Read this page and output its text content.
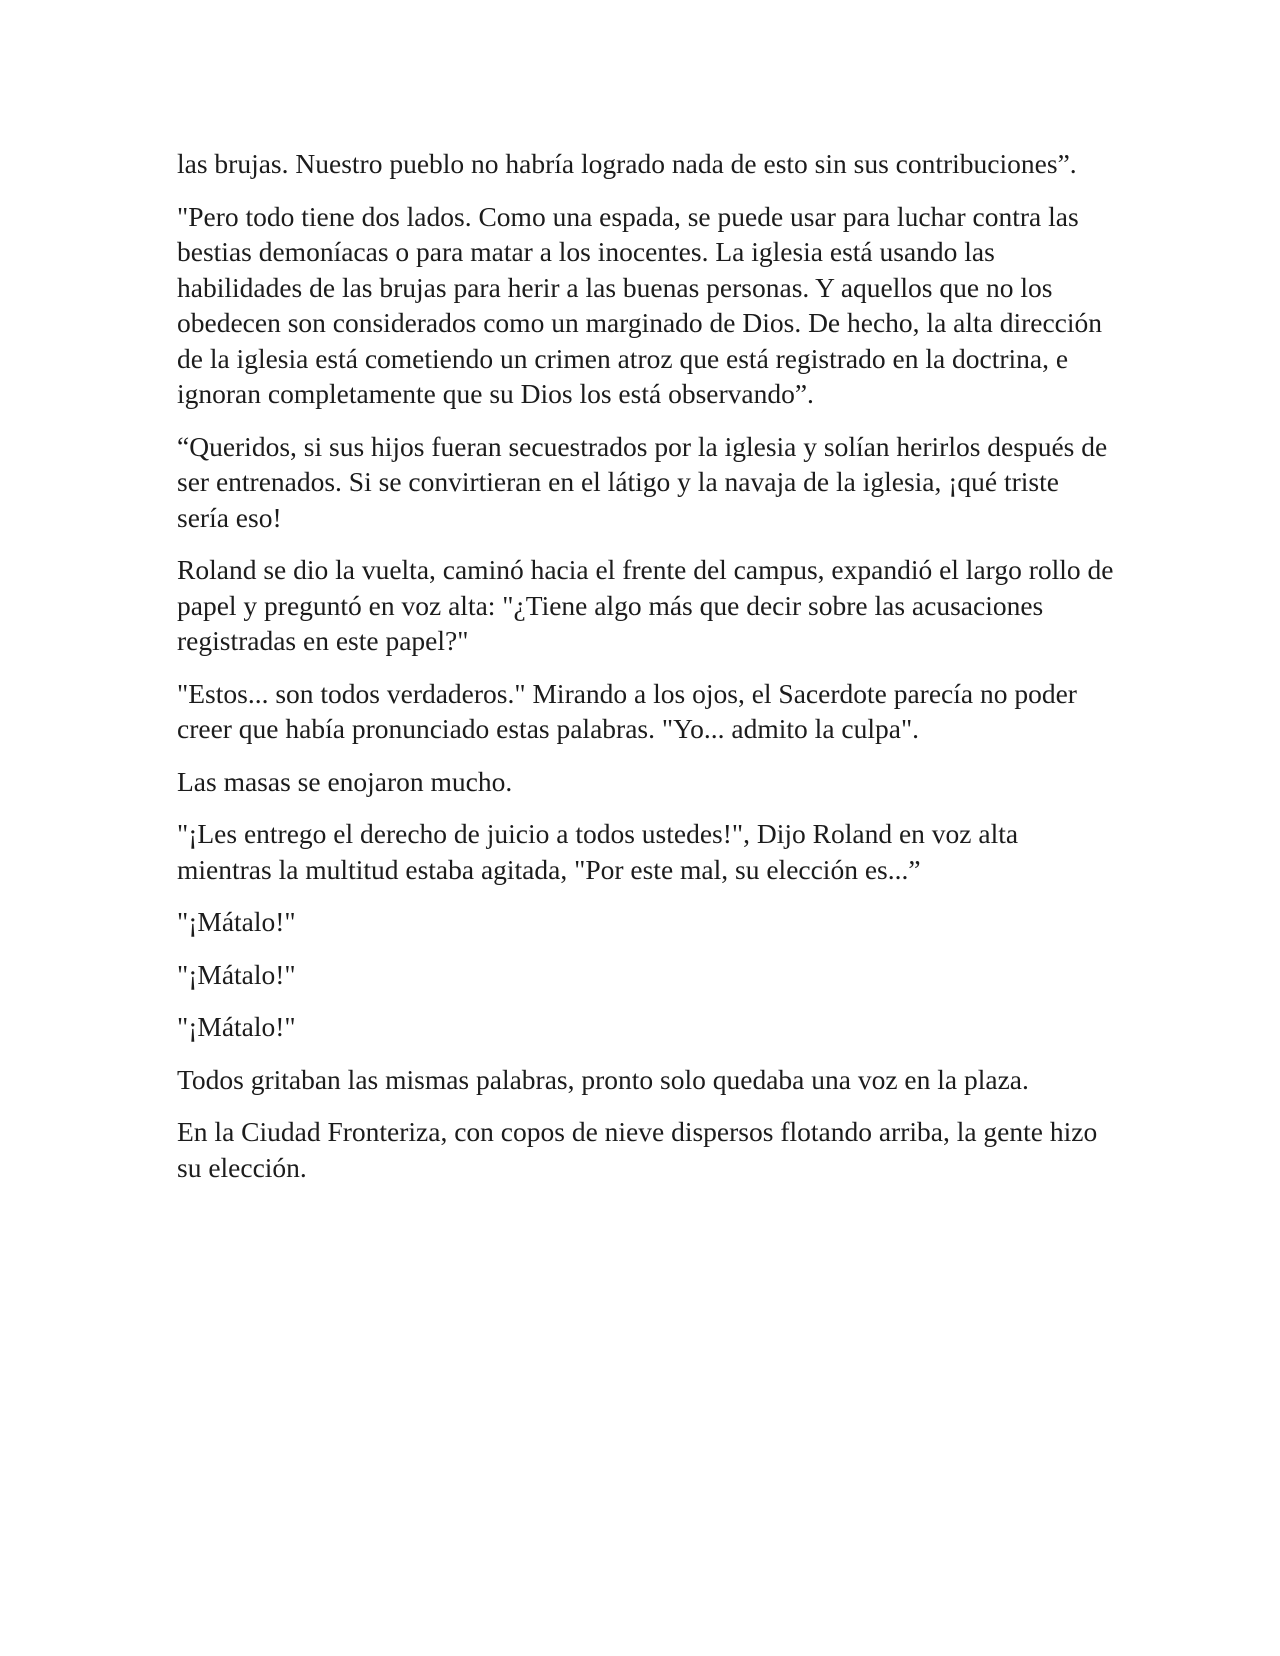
las brujas. Nuestro pueblo no habría logrado nada de esto sin sus contribuciones”.

"Pero todo tiene dos lados. Como una espada, se puede usar para luchar contra las bestias demoníacas o para matar a los inocentes. La iglesia está usando las habilidades de las brujas para herir a las buenas personas. Y aquellos que no los obedecen son considerados como un marginado de Dios. De hecho, la alta dirección de la iglesia está cometiendo un crimen atroz que está registrado en la doctrina, e ignoran completamente que su Dios los está observando”.

“Queridos, si sus hijos fueran secuestrados por la iglesia y solían herirlos después de ser entrenados. Si se convirtieran en el látigo y la navaja de la iglesia, ¡qué triste sería eso!

Roland se dio la vuelta, caminó hacia el frente del campus, expandió el largo rollo de papel y preguntó en voz alta: "¿Tiene algo más que decir sobre las acusaciones registradas en este papel?"

"Estos... son todos verdaderos." Mirando a los ojos, el Sacerdote parecía no poder creer que había pronunciado estas palabras. "Yo... admito la culpa".

Las masas se enojaron mucho.

"¡Les entrego el derecho de juicio a todos ustedes!", Dijo Roland en voz alta mientras la multitud estaba agitada, "Por este mal, su elección es...”

"¡Mátalo!"

"¡Mátalo!"

"¡Mátalo!"

Todos gritaban las mismas palabras, pronto solo quedaba una voz en la plaza.

En la Ciudad Fronteriza, con copos de nieve dispersos flotando arriba, la gente hizo su elección.
